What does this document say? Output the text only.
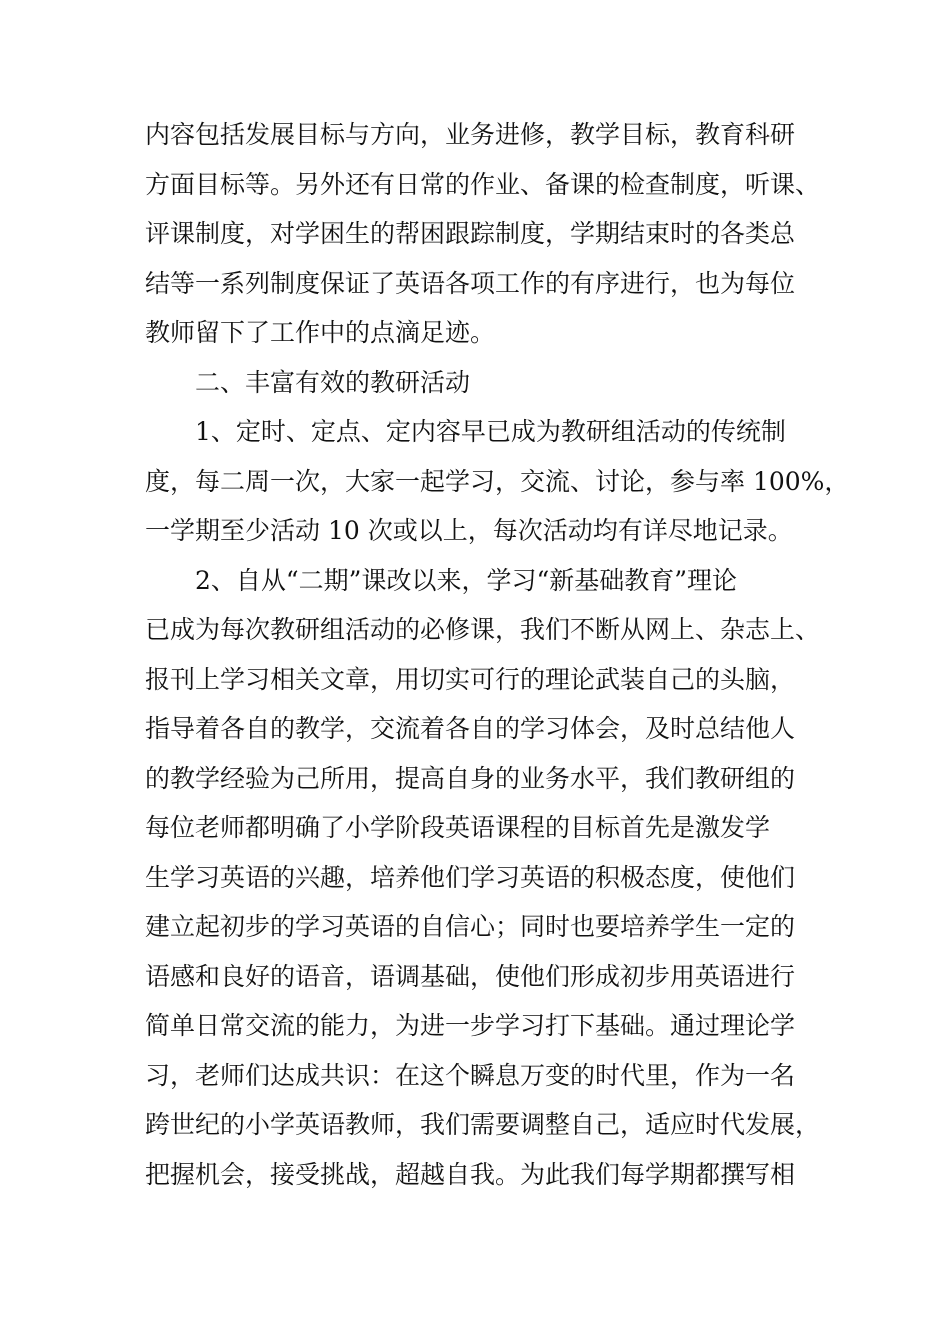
内容包括发展目标与方向，业务进修，教学目标，教育科研
方面目标等。另外还有日常的作业、备课的检查制度，听课、
评课制度，对学困生的帮困跟踪制度，学期结束时的各类总
结等一系列制度保证了英语各项工作的有序进行，也为每位
教师留下了工作中的点滴足迹。
二、丰富有效的教研活动
1、定时、定点、定内容早已成为教研组活动的传统制
度，每二周一次，大家一起学习，交流、讨论，参与率 100%，
一学期至少活动 10 次或以上，每次活动均有详尽地记录。
2、自从“二期”课改以来，学习“新基础教育”理论
已成为每次教研组活动的必修课，我们不断从网上、杂志上、
报刊上学习相关文章，用切实可行的理论武装自己的头脑，
指导着各自的教学，交流着各自的学习体会，及时总结他人
的教学经验为己所用，提高自身的业务水平，我们教研组的
每位老师都明确了小学阶段英语课程的目标首先是激发学
生学习英语的兴趣，培养他们学习英语的积极态度，使他们
建立起初步的学习英语的自信心；同时也要培养学生一定的
语感和良好的语音，语调基础，使他们形成初步用英语进行
简单日常交流的能力，为进一步学习打下基础。通过理论学
习，老师们达成共识：在这个瞬息万变的时代里，作为一名
跨世纪的小学英语教师，我们需要调整自己，适应时代发展，
把握机会，接受挑战，超越自我。为此我们每学期都撰写相
